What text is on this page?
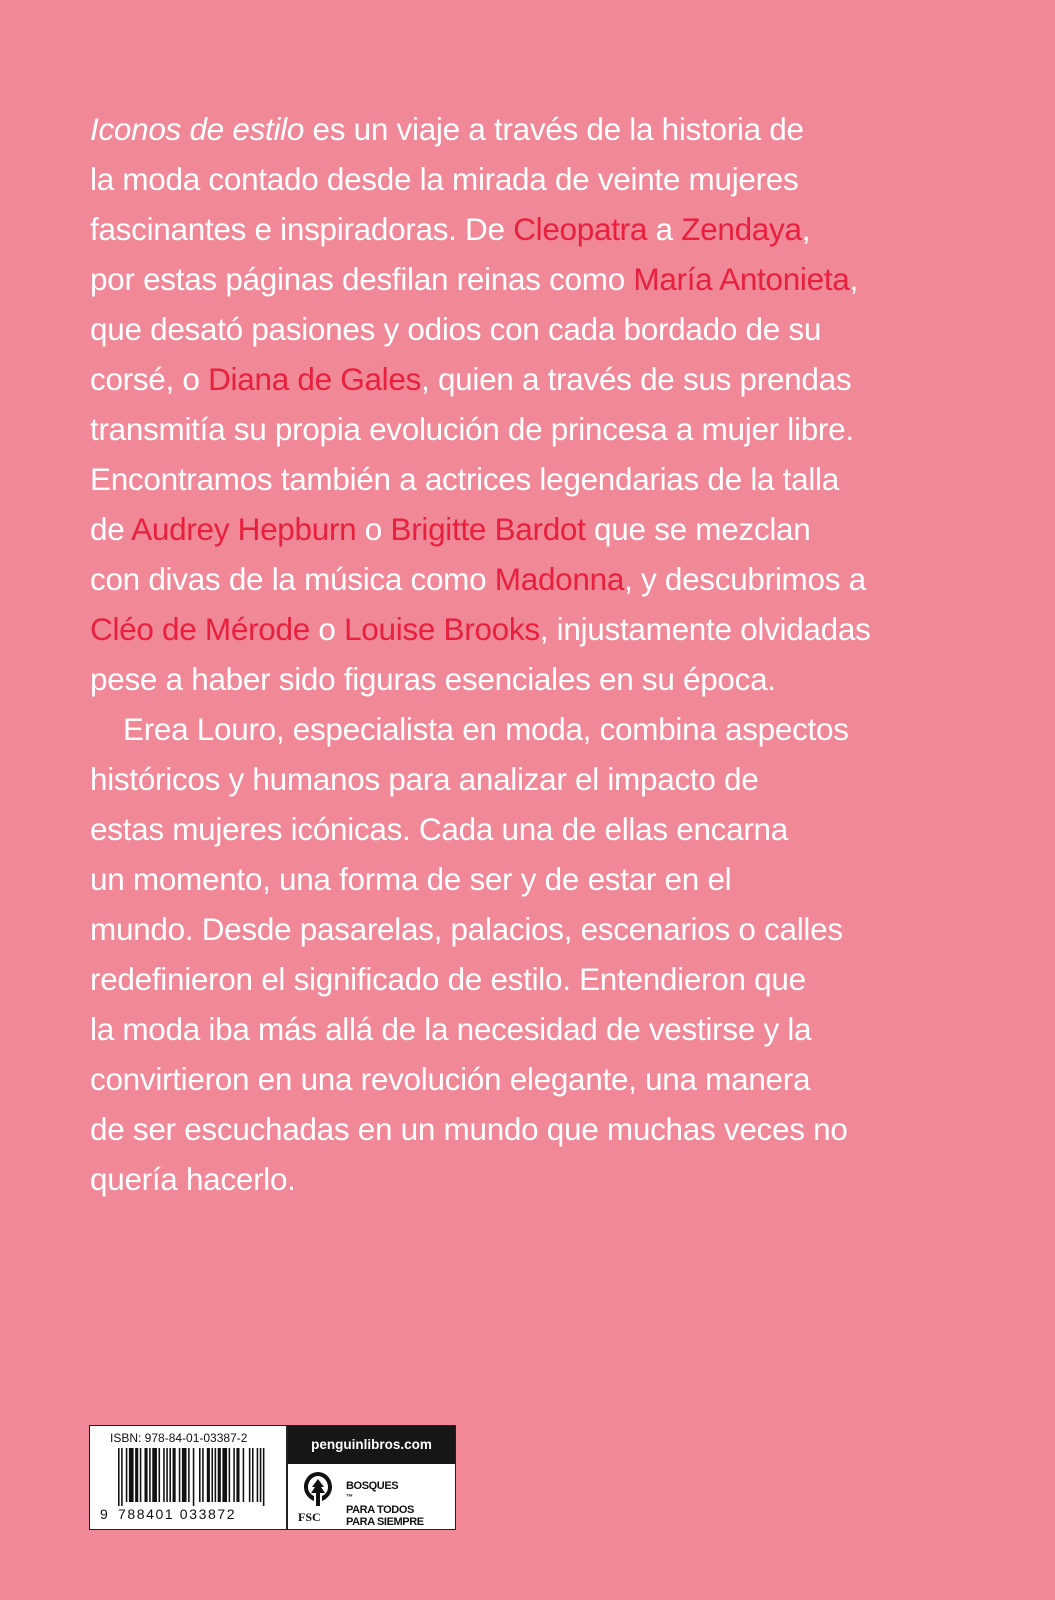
Iconos de estilo es un viaje a través de la historia de
la moda contado desde la mirada de veinte mujeres
fascinantes e inspiradoras. De Cleopatra a Zendaya,
por estas páginas desfilan reinas como María Antonieta,
que desató pasiones y odios con cada bordado de su
corsé, o Diana de Gales, quien a través de sus prendas
transmitía su propia evolución de princesa a mujer libre.
Encontramos también a actrices legendarias de la talla
de Audrey Hepburn o Brigitte Bardot que se mezclan
con divas de la música como Madonna, y descubrimos a
Cléo de Mérode o Louise Brooks, injustamente olvidadas
pese a haber sido figuras esenciales en su época.
Erea Louro, especialista en moda, combina aspectos
históricos y humanos para analizar el impacto de
estas mujeres icónicas. Cada una de ellas encarna
un momento, una forma de ser y de estar en el
mundo. Desde pasarelas, palacios, escenarios o calles
redefinieron el significado de estilo. Entendieron que
la moda iba más allá de la necesidad de vestirse y la
convirtieron en una revolución elegante, una manera
de ser escuchadas en un mundo que muchas veces no
quería hacerlo.
ISBN: 978-84-01-03387-2
9 788401 033872
penguinlibros.com
FSC
BOSQUES
™
PARA TODOS
PARA SIEMPRE
